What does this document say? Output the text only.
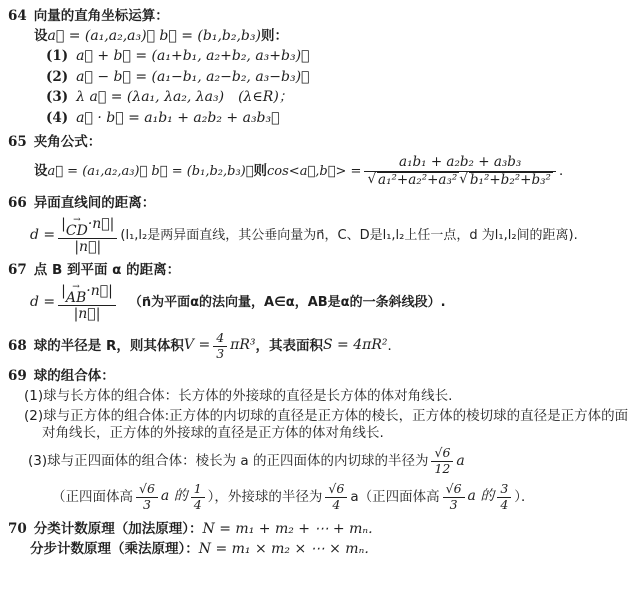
64 向量的直角坐标运算：
设a⃗ = (a₁,a₂,a₃)， b⃗ = (b₁,b₂,b₃)则：
(1) a⃗ + b⃗ = (a₁+b₁, a₂+b₂, a₃+b₃)；
(2) a⃗ − b⃗ = (a₁−b₁, a₂−b₂, a₃−b₃)；
(3) λ a⃗ = (λa₁, λa₂, λa₃)　(λ∈R)；
(4) a⃗ · b⃗ = a₁b₁ + a₂b₂ + a₃b₃；
65 夹角公式：
设 a⃗ = (a₁,a₂,a₃)， b⃗ = (b₁,b₂,b₃)， 则 cos<a⃗,b⃗> = $\frac{\text{a₁b₁ + a₂b₂ + a₃b₃}}{\text{√ a₁²+a₂²+a₃² √ b₁²+b₂²+b₃²}}$ ．
66 异面直线间的距离：
d = | →
CD ·n⃗|
|n⃗| (l₁,l₂是两异面直线，其公垂向量为n⃗，C、D是l₁,l₂上任一点，d 为l₁,l₂间的距离).
67 点 B 到平面 α 的距离：
d = | →
AB ·n⃗|
|n⃗| （n⃗为平面α的法向量，A∈α，AB是α的一条斜线段）.
68 球的半径是 R，则其体积 $V = \frac{4}{3} \pi R^3$ ，其表面积 S = 4πR² ．
69 球的组合体：
(1)球与长方体的组合体：长方体的外接球的直径是长方体的体对角线长.
(2)球与正方体的组合体:正方体的内切球的直径是正方体的棱长，正方体的棱切球的直径是正方体的面对角线长，正方体的外接球的直径是正方体的体对角线长.
(3)球与正四面体的组合体：棱长为 a 的正四面体的内切球的半径为 $\frac{√6}{12}$ a
（正四面体高 $\frac{√6}{3}$ a 的 $\frac{1}{4}$ ），外接球的半径为 $\frac{√6}{4} a$（正四面体高 $\frac{√6}{3}$ a 的 $\frac{3}{4}$ ）．
70 分类计数原理（加法原理）：N = m₁ + m₂ + ⋯ + mₙ．
分步计数原理（乘法原理）：N = m₁ × m₂ × ⋯ × mₙ．
